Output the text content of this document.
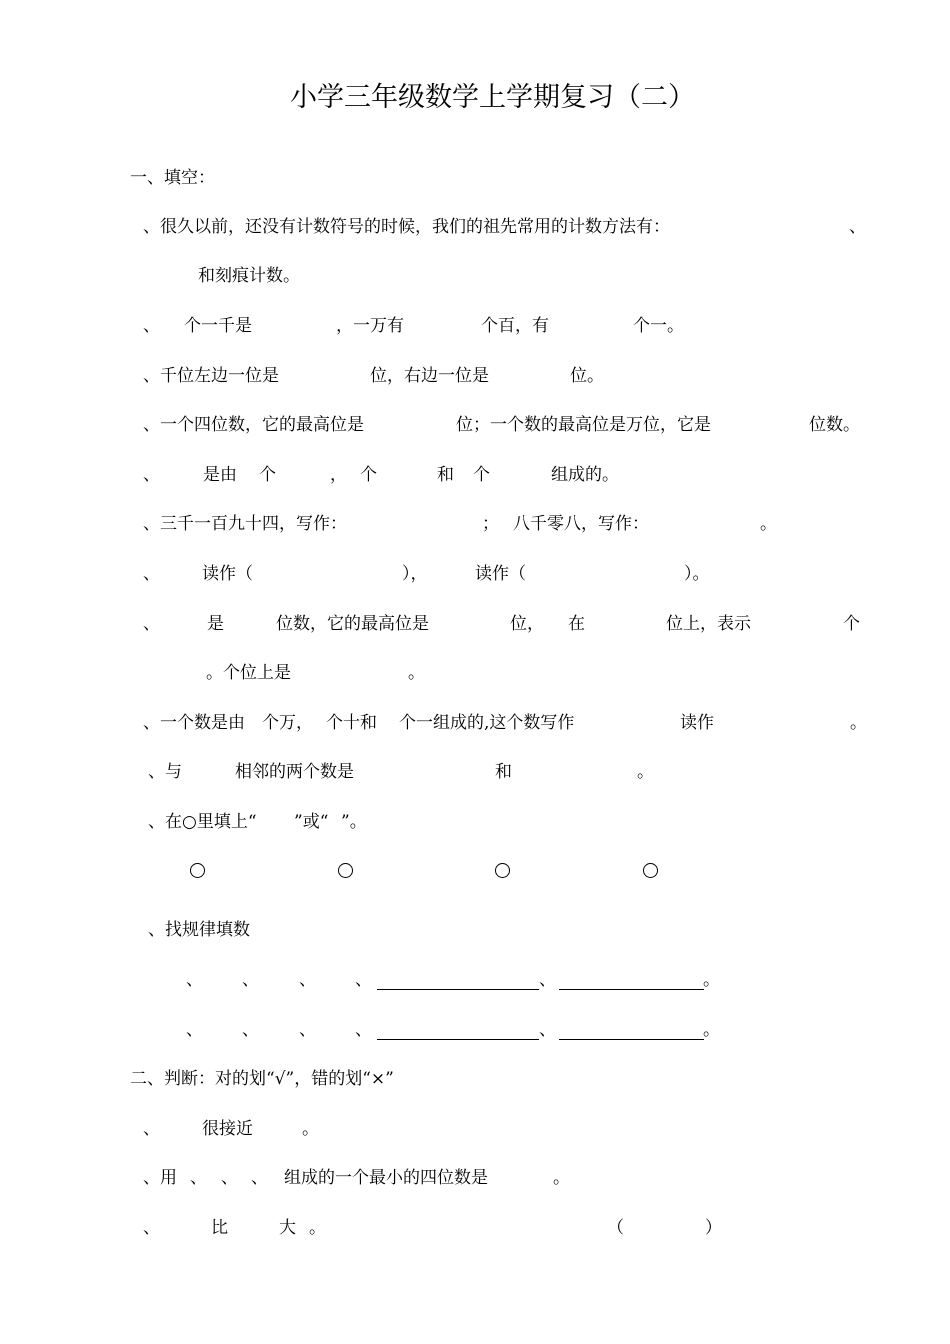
小学三年级数学上学期复习（二）
一、填空：
、很久以前，还没有计数符号的时候，我们的祖先常用的计数方法有：	、
和刻痕计数。
、 个一千是	，一万有	个百，有	个一。
、千位左边一位是	位，右边一位是	位。
、一个四位数，它的最高位是	位；一个数的最高位是万位，它是	位数。
、	是由 个	， 个	和 个	组成的。
、三千一百九十四，写作：	； 八千零八，写作：	。
、 读作（	），	读作（	）。
、	是	位数，它的最高位是	位， 在	位上，表示	个
。个位上是	。
、一个数是由 个万， 个十和 个一组成的,这个数写作	读作	。
、与	相邻的两个数是	和	。
、在○里填上“ ”或“ ”。
、找规律填数
、 、 、 、	、	。
、 、 、 、	、	。
二、判断：对的划“√”，错的划“×”
、 很接近	。
、用 、 、 、 组成的一个最小的四位数是	。
、	比	大 。	（	）
